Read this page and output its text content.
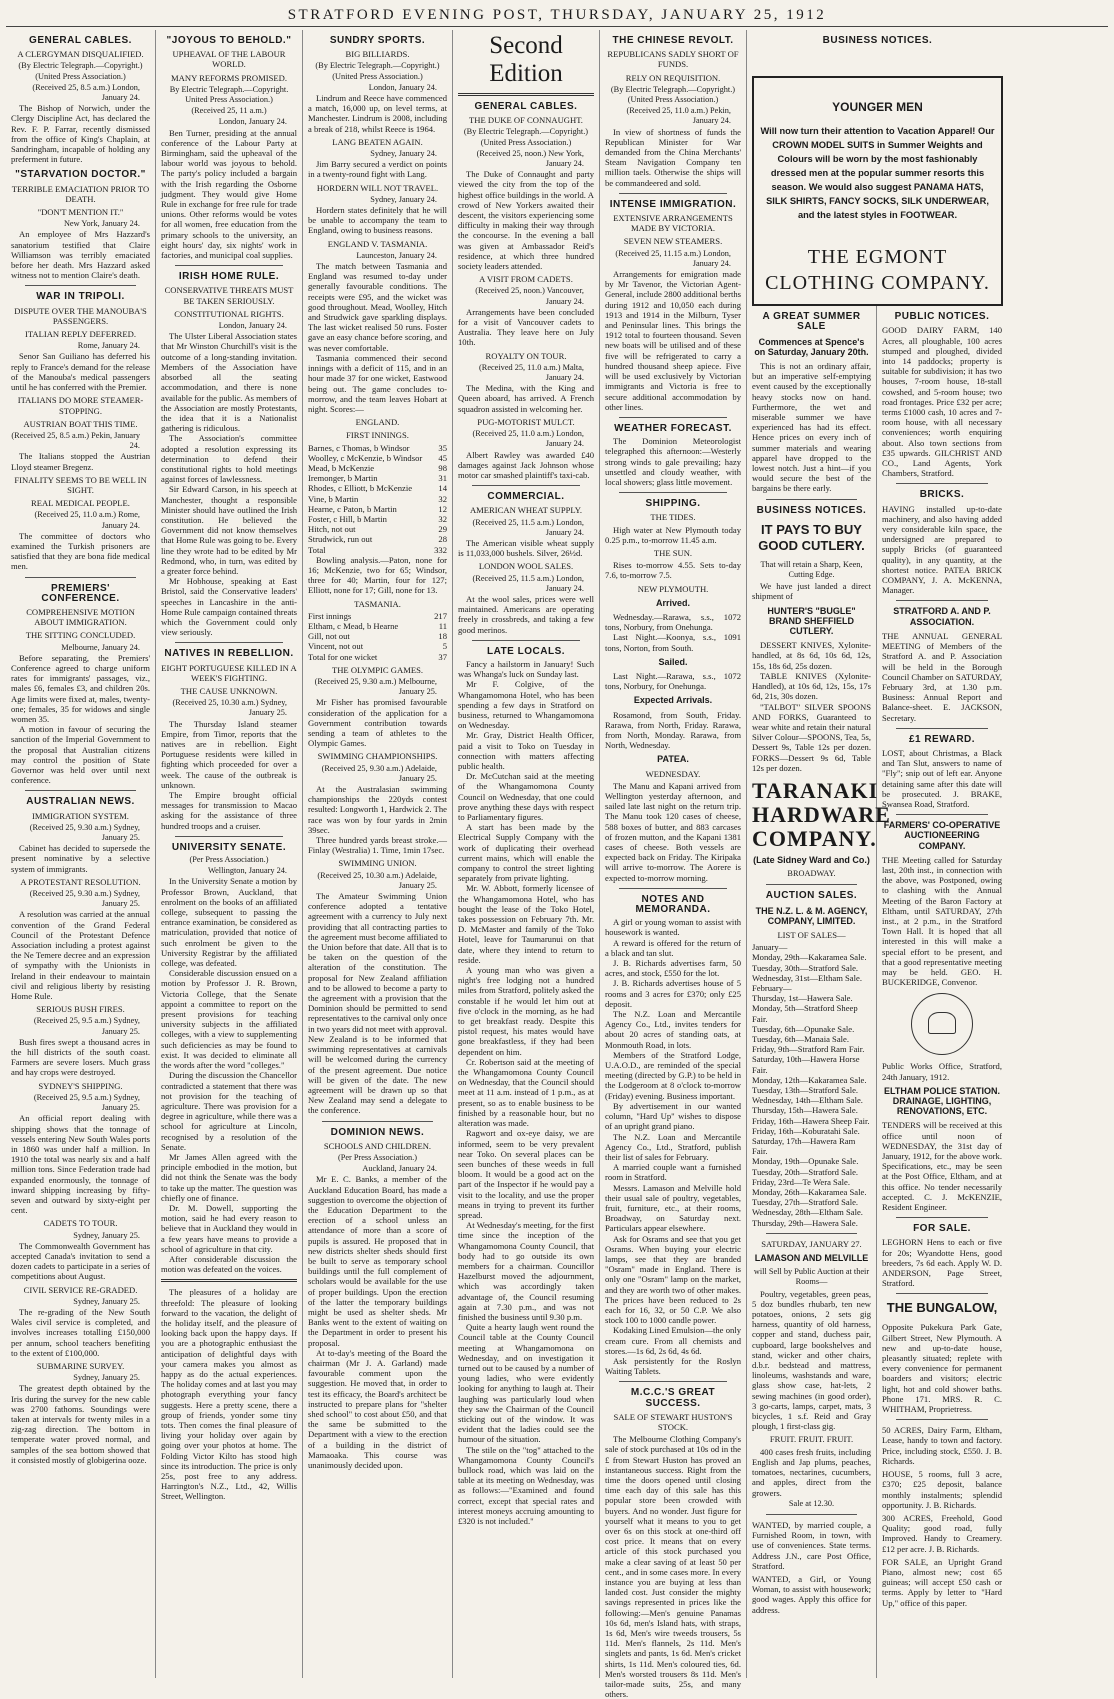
STRATFORD EVENING POST, THURSDAY, JANUARY 25, 1912
GENERAL CABLES.
A CLERGYMAN DISQUALIFIED.
(By Electric Telegraph.—Copyright.) (United Press Association.)
(Received 25, 8.5 a.m.) London, January 24.

The Bishop of Norwich, under the Clergy Discipline Act, has declared the Rev. F. P. Farrar, recently dismissed from the office of King's Chaplain, at Sandringham, incapable of holding any preferment in future.

"STARVATION DOCTOR."
TERRIBLE EMACIATION PRIOR TO DEATH.
"DON'T MENTION IT."
New York, January 24.

An employee of Mrs Hazzard's sanatorium testified that Claire Williamson was terribly emaciated before her death. Mrs Hazzard asked witness not to mention Claire's death.

WAR IN TRIPOLI.
DISPUTE OVER THE MANOUBA'S PASSENGERS.
ITALIAN REPLY DEFERRED.
Rome, January 24.

Senor San Guiliano has deferred his reply to France's demand for the release of the Manouba's medical passengers until he has conferred with the Premier.

ITALIANS DO MORE STEAMER-STOPPING.
AUSTRIAN BOAT THIS TIME.
(Received 25, 8.5 a.m.) Pekin, January 24.

The Italians stopped the Austrian Lloyd steamer Bregenz.

FINALITY SEEMS TO BE WELL IN SIGHT.
REAL MEDICAL PEOPLE.
(Received 25, 11.0 a.m.) Rome, January 24.

The committee of doctors who examined the Turkish prisoners are satisfied that they are bona fide medical men.

PREMIERS' CONFERENCE.
COMPREHENSIVE MOTION ABOUT IMMIGRATION.
THE SITTING CONCLUDED.
Melbourne, January 24.

Before separating, the Premiers' Conference agreed to charge uniform rates for immigrants' passages, viz., males £6, females £3, and children 20s. Age limits were fixed at, males, twenty-one; females, 35 for widows and single women 35.

A motion in favour of securing the sanction of the Imperial Government to the proposal that Australian citizens may control the position of State Governor was held over until next conference.

AUSTRALIAN NEWS.
IMMIGRATION SYSTEM.
(Received 25, 9.30 a.m.) Sydney, January 25.

Cabinet has decided to supersede the present nominative by a selective system of immigrants.

A PROTESTANT RESOLUTION.
(Received 25, 9.30 a.m.) Sydney, January 25.

A resolution was carried at the annual convention of the Grand Federal Council of the Protestant Defence Association including a protest against the Ne Temere decree and an expression of sympathy with the Unionists in Ireland in their endeavour to maintain civil and religious liberty by resisting Home Rule.

SERIOUS BUSH FIRES.
(Received 25, 9.5 a.m.) Sydney, January 25.

Bush fires swept a thousand acres in the hill districts of the south coast. Farmers are severe losers. Much grass and hay crops were destroyed.

SYDNEY'S SHIPPING.
(Received 25, 9.5 a.m.) Sydney, January 25.

An official report dealing with shipping shows that the tonnage of vessels entering New South Wales ports in 1860 was under half a million. In 1910 the total was nearly six and a half million tons. Since Federation trade had expanded enormously, the tonnage of inward shipping increasing by fifty-seven and outward by sixty-eight per cent.

CADETS TO TOUR.
Sydney, January 25.

The Commonwealth Government has accepted Canada's invitation to send a dozen cadets to participate in a series of competitions about August.

CIVIL SERVICE RE-GRADED.
Sydney, January 25.

The re-grading of the New South Wales civil service is completed, and involves increases totalling £150,000 per annum, school teachers benefiting to the extent of £100,000.

SUBMARINE SURVEY.
Sydney, January 25.

The greatest depth obtained by the Iris during the survey for the new cable was 2700 fathoms. Soundings were taken at intervals for twenty miles in a zig-zag direction. The bottom in temperate water proved normal, and samples of the sea bottom showed that it consisted mostly of globigerina ooze.

"JOYOUS TO BEHOLD."
UPHEAVAL OF THE LABOUR WORLD.
MANY REFORMS PROMISED.
By Electric Telegraph.—Copyright. United Press Association.)
(Received 25, 11 a.m.)
London, January 24.

Ben Turner, presiding at the annual conference of the Labour Party at Birmingham, said the upheaval of the labour world was joyous to behold. The party's policy included a bargain with the Irish regarding the Osborne judgment. They would give Home Rule in exchange for free rule for trade unions. Other reforms would be votes for all women, free education from the primary schools to the university, an eight hours' day, six nights' work in factories, and municipal coal supplies.

IRISH HOME RULE.
CONSERVATIVE THREATS MUST BE TAKEN SERIOUSLY.
CONSTITUTIONAL RIGHTS.
London, January 24.

The Ulster Liberal Association states that Mr Winston Churchill's visit is the outcome of a long-standing invitation. Members of the Association have absorbed all the seating accommodation, and there is none available for the public. As members of the Association are mostly Protestants, the idea that it is a Nationalist gathering is ridiculous.

The Association's committee adopted a resolution expressing its determination to defend their constitutional rights to hold meetings against forces of lawlessness.

Sir Edward Carson, in his speech at Manchester, thought a responsible Minister should have outlined the Irish constitution. He believed the Government did not know themselves that Home Rule was going to be. Every line they wrote had to be edited by Mr Redmond, who, in turn, was edited by a greater force behind.

Mr Hobhouse, speaking at East Bristol, said the Conservative leaders' speeches in Lancashire in the anti-Home Rule campaign contained threats which the Government could only view seriously.

NATIVES IN REBELLION.
EIGHT PORTUGUESE KILLED IN A WEEK'S FIGHTING.
THE CAUSE UNKNOWN.
(Received 25, 10.30 a.m.) Sydney, January 25.

The Thursday Island steamer Empire, from Timor, reports that the natives are in rebellion. Eight Portuguese residents were killed in fighting which proceeded for over a week. The cause of the outbreak is unknown.

The Empire brought official messages for transmission to Macao asking for the assistance of three hundred troops and a cruiser.

UNIVERSITY SENATE.
(Per Press Association.)
Wellington, January 24.

In the University Senate a motion by Professor Brown, Auckland, that enrolment on the books of an affiliated college, subsequent to passing the entrance examination, be considered as matriculation, provided that notice of such enrolment be given to the University Registrar by the affiliated college, was defeated.

Considerable discussion ensued on a motion by Professor J. R. Brown, Victoria College, that the Senate appoint a committee to report on the present provisions for teaching university subjects in the affiliated colleges, with a view to supplementing such deficiencies as may be found to exist. It was decided to eliminate all the words after the word "colleges."

During the discussion the Chancellor contradicted a statement that there was not provision for the teaching of agriculture. There was provision for a degree in agriculture, while there was a school for agriculture at Lincoln, recognised by a resolution of the Senate.

Mr James Allen agreed with the principle embodied in the motion, but did not think the Senate was the body to take up the matter. The question was chiefly one of finance.

Dr. M. Dowell, supporting the motion, said he had every reason to believe that in Auckland they would in a few years have means to provide a school of agriculture in that city.

After considerable discussion the motion was defeated on the voices.

The pleasures of a holiday are threefold: The pleasure of looking forward to the vacation, the delight of the holiday itself, and the pleasure of looking back upon the happy days. If you are a photographic enthusiast the anticipation of delightful days with your camera makes you almost as happy as do the actual experiences. The holiday comes and at last you may photograph everything your fancy suggests. Here a pretty scene, there a group of friends, yonder some tiny tots. Then comes the final pleasure of living your holiday over again by going over your photos at home. The Folding Victor Kilto has stood high since its introduction. The price is only 25s, post free to any address. Harrington's N.Z., Ltd., 42, Willis Street, Wellington.

SUNDRY SPORTS.
BIG BILLIARDS.
(By Electric Telegraph.—Copyright.) (United Press Association.)
London, January 24.

Lindrum and Reece have commenced a match, 16,000 up, on level terms, at Manchester. Lindrum is 2008, including a break of 218, whilst Reece is 1964.

LANG BEATEN AGAIN.
Sydney, January 24.

Jim Barry secured a verdict on points in a twenty-round fight with Lang.

HORDERN WILL NOT TRAVEL.
Sydney, January 24.

Hordern states definitely that he will be unable to accompany the team to England, owing to business reasons.

ENGLAND V. TASMANIA.
Launceston, January 24.

The match between Tasmania and England was resumed to-day under generally favourable conditions. The receipts were £95, and the wicket was good throughout. Mead, Woolley, Hitch and Strudwick gave sparkling displays. The last wicket realised 50 runs. Foster gave an easy chance before scoring, and was never comfortable.

Tasmania commenced their second innings with a deficit of 115, and in an hour made 37 for one wicket, Eastwood being out. The game concludes to-morrow, and the team leaves Hobart at night. Scores:—

ENGLAND.
FIRST INNINGS.

Barnes, c Thomas, b Windsor	35

Woolley, c McKenzie, b Windsor 45

Mead, b McKenzie	98

Iremonger, b Martin	31

Rhodes, c Elliott, b McKenzie	14

Vine, b Martin	32

Hearne, c Paton, b Martin	12

Foster, c Hill, b Martin	32

Hitch, not out	29

Strudwick, run out	28

Total	332

Bowling analysis.—Paton, none for 16; McKenzie, two for 65; Windsor, three for 40; Martin, four for 127; Elliott, none for 17; Gill, none for 13.

TASMANIA.

First innings	217

Eltham, c Mead, b Hearne	11

Gill, not out	18

Vincent, not out	5

Total for one wicket	37

THE OLYMPIC GAMES.
(Received 25, 9.30 a.m.) Melbourne, January 25.

Mr Fisher has promised favourable consideration of the application for a Government contribution towards sending a team of athletes to the Olympic Games.

SWIMMING CHAMPIONSHIPS.
(Received 25, 9.30 a.m.) Adelaide, January 25.

At the Australasian swimming championships the 220yds contest resulted: Longworth 1, Hardwick 2. The race was won by four yards in 2min 39sec.

Three hundred yards breast stroke.—Finlay (Westralia) 1. Time, 1min 17sec.

SWIMMING UNION.
(Received 25, 10.30 a.m.) Adelaide, January 25.

The Amateur Swimming Union conference adopted a tentative agreement with a currency to July next providing that all contracting parties to the agreement must become affiliated to the Union before that date. All that is to be taken on the question of the alteration of the constitution. The proposal for New Zealand affiliation and to be allowed to become a party to the agreement with a provision that the Dominion should be permitted to send representatives to the carnival only once in two years did not meet with approval. New Zealand is to be informed that swimming representatives at carnivals will be welcomed during the currency of the present agreement. Due notice will be given of the date. The new agreement will be drawn up so that New Zealand may send a delegate to the conference.

DOMINION NEWS.
SCHOOLS AND CHILDREN.
(Per Press Association.)
Auckland, January 24.

Mr E. C. Banks, a member of the Auckland Education Board, has made a suggestion to overcome the objection of the Education Department to the erection of a school unless an attendance of more than a score of pupils is assured. He proposed that in new districts shelter sheds should first be built to serve as temporary school buildings until the full complement of scholars would be available for the use of proper buildings. Upon the erection of the latter the temporary buildings might be used as shelter sheds. Mr Banks went to the extent of waiting on the Department in order to present his proposal.

At to-day's meeting of the Board the chairman (Mr J. A. Garland) made favourable comment upon the suggestion. He moved that, in order to test its efficacy, the Board's architect be instructed to prepare plans for "shelter shed school" to cost about £50, and that the same be submitted to the Department with a view to the erection of a building in the district of Mamaoaka. This course was unanimously decided upon.

Second Edition
GENERAL CABLES.
THE DUKE OF CONNAUGHT.
(By Electric Telegraph.—Copyright.) (United Press Association.)
(Received 25, noon.) New York, January 24.

The Duke of Connaught and party viewed the city from the top of the highest office buildings in the world. A crowd of New Yorkers awaited their descent, the visitors experiencing some difficulty in making their way through the concourse. In the evening a ball was given at Ambassador Reid's residence, at which three hundred society leaders attended.

A VISIT FROM CADETS.
(Received 25, noon.) Vancouver, January 24.

Arrangements have been concluded for a visit of Vancouver cadets to Australia. They leave here on July 10th.

ROYALTY ON TOUR.
(Received 25, 11.0 a.m.) Malta, January 24.

The Medina, with the King and Queen aboard, has arrived. A French squadron assisted in welcoming her.

PUG-MOTORIST MULCT.
(Received 25, 11.0 a.m.) London, January 24.

Albert Rawley was awarded £40 damages against Jack Johnson whose motor car smashed plaintiff's taxi-cab.

COMMERCIAL.
AMERICAN WHEAT SUPPLY.
(Received 25, 11.5 a.m.) London, January 24.

The American visible wheat supply is 11,033,000 bushels. Silver, 26½d.

LONDON WOOL SALES.
(Received 25, 11.5 a.m.) London, January 24.

At the wool sales, prices were well maintained. Americans are operating freely in crossbreds, and taking a few good merinos.

LATE LOCALS.

Fancy a hailstorm in January! Such was Whanga's luck on Sunday last.

Mr F. Colgive, of the Whangamomona Hotel, who has been spending a few days in Stratford on business, returned to Whangamomona on Wednesday.

Mr. Gray, District Health Officer, paid a visit to Toko on Tuesday in connection with matters affecting public health.

Dr. McCutchan said at the meeting of the Whangamomona County Council on Wednesday, that one could prove anything these days with respect to Parliamentary figures.

A start has been made by the Electrical Supply Company with the work of duplicating their overhead current mains, which will enable the company to control the street lighting separately from private lighting.

Mr. W. Abbott, formerly licensee of the Whangamomona Hotel, who has bought the lease of the Toko Hotel, takes possession on February 7th. Mr. D. McMaster and family of the Toko Hotel, leave for Taumarunui on that date, where they intend to return to reside.

A young man who was given a night's free lodging not a hundred miles from Stratford, politely asked the constable if he would let him out at five o'clock in the morning, as he had to get breakfast ready. Despite this pistol request, his mates would have gone breakfastless, if they had been dependent on him.

Cr. Robertson said at the meeting of the Whangamomona County Council on Wednesday, that the Council should meet at 11 a.m. instead of 1 p.m., as at present, so as to enable business to be finished by a reasonable hour, but no alteration was made.

Ragwort and ox-eye daisy, we are informed, seem to be very prevalent near Toko. On several places can be seen bunches of these weeds in full bloom. It would be a good act on the part of the Inspector if he would pay a visit to the locality, and use the proper means in trying to prevent its further spread.

At Wednesday's meeting, for the first time since the inception of the Whangamomona County Council, that body had to go outside its own members for a chairman. Councillor Hazelburst moved the adjournment, which was accordingly taken advantage of, the Council resuming again at 7.30 p.m., and was not finished the business until 9.30 p.m.

Quite a hearty laugh went round the Council table at the County Council meeting at Whangamomona on Wednesday, and on investigation it turned out to be caused by a number of young ladies, who were evidently looking for anything to laugh at. Their laughing was particularly loud when they saw the Chairman of the Council sticking out of the window. It was evident that the ladies could see the humour of the situation.

The stile on the "tog" attached to the Whangamomona County Council's bullock road, which was laid on the table at its meeting on Wednesday, was as follows:—"Examined and found correct, except that special rates and interest moneys accruing amounting to £320 is not included."

THE CHINESE REVOLT.
REPUBLICANS SADLY SHORT OF FUNDS.
RELY ON REQUISITION.
(By Electric Telegraph.—Copyright.) (United Press Association.)
(Received 25, 11.0 a.m.) Pekin, January 24.

In view of shortness of funds the Republican Minister for War demanded from the China Merchants' Steam Navigation Company ten million taels. Otherwise the ships will be commandeered and sold.

INTENSE IMMIGRATION.
EXTENSIVE ARRANGEMENTS MADE BY VICTORIA.
SEVEN NEW STEAMERS.
(Received 25, 11.15 a.m.) London, January 24.

Arrangements for emigration made by Mr Tavenor, the Victorian Agent-General, include 2800 additional berths during 1912 and 10,050 each during 1913 and 1914 in the Milburn, Tyser and Peninsular lines. This brings the 1912 total to fourteen thousand. Seven new boats will be utilised and of these five will be refrigerated to carry a hundred thousand sheep apiece. Five will be used exclusively by Victorian immigrants and Victoria is free to secure additional accommodation by other lines.

WEATHER FORECAST.

The Dominion Meteorologist telegraphed this afternoon:—Westerly strong winds to gale prevailing; hazy unsettled and cloudy weather, with local showers; glass little movement.

SHIPPING.
THE TIDES.

High water at New Plymouth today 0.25 p.m., to-morrow 11.45 a.m.

THE SUN.

Rises to-morrow 4.55. Sets to-day 7.6, to-morrow 7.5.

NEW PLYMOUTH.
Arrived.

Wednesday.—Rarawa, s.s., 1072 tons, Norbury, from Onehunga.

Last Night.—Koonya, s.s., 1091 tons, Norton, from South.

Sailed.

Last Night.—Rarawa, s.s., 1072 tons, Norbury, for Onehunga.

Expected Arrivals.

Rosamond, from South, Friday. Rarawa, from North, Friday. Rarawa, from North, Monday. Rarawa, from North, Wednesday.

PATEA.
WEDNESDAY.

The Manu and Kapani arrived from Wellington yesterday afternoon, and sailed late last night on the return trip. The Manu took 120 cases of cheese, 588 boxes of butter, and 883 carcases of frozen mutton, and the Kapani 1381 cases of cheese. Both vessels are expected back on Friday. The Kiripaka will arrive to-morrow. The Aorere is expected to-morrow morning.

NOTES AND MEMORANDA.

A girl or young woman to assist with housework is wanted.

A reward is offered for the return of a black and tan slut.

J. B. Richards advertises farm, 50 acres, and stock, £550 for the lot.

J. B. Richards advertises house of 5 rooms and 3 acres for £370; only £25 deposit.

The N.Z. Loan and Mercantile Agency Co., Ltd., invites tenders for about 20 acres of standing oats, at Monmouth Road, in lots.

Members of the Stratford Lodge, U.A.O.D., are reminded of the special meeting (directed by G.P.) to be held in the Lodgeroom at 8 o'clock to-morrow (Friday) evening. Business important.

By advertisement in our wanted column, "Hard Up" wishes to dispose of an upright grand piano.

The N.Z. Loan and Mercantile Agency Co., Ltd., Stratford, publish their list of sales for February.

A married couple want a furnished room in Stratford.

Messrs. Lamason and Melville hold their usual sale of poultry, vegetables, fruit, furniture, etc., at their rooms, Broadway, on Saturday next. Particulars appear elsewhere.

Ask for Osrams and see that you get Osrams. When buying your electric lamps, see that they are branded "Osram" made in England. There is only one "Osram" lamp on the market, and they are worth two of other makes. The prices have been reduced to 2s each for 16, 32, or 50 C.P. We also stock 100 to 1000 candle power.

Kodaking Lined Emulsion—the only cream cure. From all chemists and stores.—1s 6d, 2s 6d, 4s 6d.

Ask persistently for the Roslyn Waiting Tablets.

M.C.C.'S GREAT SUCCESS.
SALE OF STEWART HUSTON'S STOCK.

The Melbourne Clothing Company's sale of stock purchased at 10s od in the £ from Stewart Huston has proved an instantaneous success. Right from the time the doors opened until closing time each day of this sale has this popular store been crowded with buyers. And no wonder. Just figure for yourself what it means to you to get over 6s on this stock at one-third off cost price. It means that on every article of this stock purchased you make a clear saving of at least 50 per cent., and in some cases more. In every instance you are buying at less than landed cost. Just consider the mighty savings represented in prices like the following:—Men's genuine Panamas 10s 6d, men's Island hats, with straps, 1s 6d, Men's wire tweeds trousers, 5s 11d. Men's flannels, 2s 11d. Men's singlets and pants, 1s 6d. Men's cricket shirts, 1s 11d. Men's coloured ties, 6d. Men's worsted trousers 8s 11d. Men's tailor-made suits, 25s, and many others.

BUSINESS NOTICES.
YOUNGER MEN
Will now turn their attention to Vacation Apparel! Our CROWN MODEL SUITS in Summer Weights and Colours will be worn by the most fashionably dressed men at the popular summer resorts this season. We would also suggest PANAMA HATS, SILK SHIRTS, FANCY SOCKS, SILK UNDERWEAR, and the latest styles in FOOTWEAR.
THE EGMONT CLOTHING COMPANY.
A GREAT SUMMER SALE
Commences at Spence's on Saturday, January 20th.

This is not an ordinary affair, but an imperative self-emptying event caused by the exceptionally heavy stocks now on hand. Furthermore, the wet and miserable summer we have experienced has had its effect. Hence prices on every inch of summer materials and wearing apparel have dropped to the lowest notch. Just a hint—if you would secure the best of the bargains be there early.

BUSINESS NOTICES.
IT PAYS TO BUY GOOD CUTLERY.
That will retain a Sharp, Keen, Cutting Edge.

We have just landed a direct shipment of

HUNTER'S "BUGLE" BRAND SHEFFIELD CUTLERY.

DESSERT KNIVES, Xylonite-handled, at 8s 6d, 10s 6d, 12s, 15s, 18s 6d, 25s dozen.

TABLE KNIVES (Xylonite-Handled), at 10s 6d, 12s, 15s, 17s 6d, 21s, 30s dozen.

"TALBOT" SILVER SPOONS AND FORKS, Guaranteed to wear white and retain their natural Silver Colour—SPOONS, Tea, 5s, Dessert 9s, Table 12s per dozen. FORKS—Dessert 9s 6d, Table 12s per dozen.

TARANAKI HARDWARE COMPANY.
(Late Sidney Ward and Co.)
BROADWAY.
AUCTION SALES.
THE N.Z. L. & M. AGENCY, COMPANY, LIMITED.
LIST OF SALES—

January—

Monday, 29th—Kakaramea Sale.

Tuesday, 30th—Stratford Sale.

Wednesday, 31st—Eltham Sale.

February—

Thursday, 1st—Hawera Sale.

Monday, 5th—Stratford Sheep Fair.

Tuesday, 6th—Opunake Sale.

Tuesday, 6th—Manaia Sale.

Friday, 9th—Stratford Ram Fair.

Saturday, 10th—Hawera Horse Fair.

Monday, 12th—Kakaramea Sale.

Tuesday, 13th—Stratford Sale.

Wednesday, 14th—Eltham Sale.

Thursday, 15th—Hawera Sale.

Friday, 16th—Hawera Sheep Fair.

Friday, 16th—Koburatahi Sale.

Saturday, 17th—Hawera Ram Fair.

Monday, 19th—Opunake Sale.

Tuesday, 20th—Stratford Sale.

Friday, 23rd—Te Wera Sale.

Monday, 26th—Kakaramea Sale.

Tuesday, 27th—Stratford Sale.

Wednesday, 28th—Eltham Sale.

Thursday, 29th—Hawera Sale.

SATURDAY, JANUARY 27.
LAMASON AND MELVILLE
will Sell by Public Auction at their Rooms—

Poultry, vegetables, green peas, 5 doz bundles rhubarb, ten new potatoes, onions, 2 sets gig harness, quantity of old harness, copper and stand, duchess pair, cupboard, large bookshelves and stand, wicker and other chairs, d.b.r. bedstead and mattress, linoleums, washstands and ware, glass show case, hat-lets, 2 sewing machines (in good order), 3 go-carts, lamps, carpet, mats, 3 bicycles, 1 s.f. Reid and Gray plough, 1 first-class gig.

FRUIT. FRUIT. FRUIT.

400 cases fresh fruits, including English and Jap plums, peaches, tomatoes, nectarines, cucumbers, and apples, direct from the growers.

Sale at 12.30.

WANTED, by married couple, a Furnished Room, in town, with use of conveniences. State terms. Address J.N., care Post Office, Stratford.

WANTED, a Girl, or Young Woman, to assist with housework; good wages. Apply this office for address.

PUBLIC NOTICES.

GOOD DAIRY FARM, 140 Acres, all ploughable, 100 acres stumped and ploughed, divided into 14 paddocks; property is suitable for subdivision; it has two houses, 7-room house, 18-stall cowshed, and 5-room house; two road frontages. Price £32 per acre; terms £1000 cash, 10 acres and 7-room house, with all necessary conveniences; worth enquiring about. Also town sections from £35 upwards. GILCHRIST AND CO., Land Agents, York Chambers, Stratford.

BRICKS.

HAVING installed up-to-date machinery, and also having added very considerable kiln space, the undersigned are prepared to supply Bricks (of guaranteed quality), in any quantity, at the shortest notice. PATEA BRICK COMPANY, J. A. McKENNA, Manager.

STRATFORD A. AND P. ASSOCIATION.

THE ANNUAL GENERAL MEETING of Members of the Stratford A. and P. Association will be held in the Borough Council Chamber on SATURDAY, February 3rd, at 1.30 p.m. Business: Annual Report and Balance-sheet. E. JACKSON, Secretary.

£1 REWARD.

LOST, about Christmas, a Black and Tan Slut, answers to name of "Fly"; snip out of left ear. Anyone detaining same after this date will be prosecuted. J. BRAKE, Swansea Road, Stratford.

FARMERS' CO-OPERATIVE AUCTIONEERING COMPANY.

THE Meeting called for Saturday last, 20th inst., in connection with the above, was Postponed, owing to clashing with the Annual Meeting of the Baron Factory at Eltham, until SATURDAY, 27th inst., at 2 p.m., in the Stratford Town Hall. It is hoped that all interested in this will make a special effort to be present, and that a good representative meeting may be held. GEO. H. BUCKERIDGE, Convenor.

Public Works Office, Stratford, 24th January, 1912.

ELTHAM POLICE STATION. DRAINAGE, LIGHTING, RENOVATIONS, ETC.

TENDERS will be received at this office until noon of WEDNESDAY, the 31st day of January, 1912, for the above work. Specifications, etc., may be seen at the Post Office, Eltham, and at this office. No tender necessarily accepted. C. J. McKENZIE, Resident Engineer.

FOR SALE.

LEGHORN Hens to each or five for 20s; Wyandotte Hens, good breeders, 7s 6d each. Apply W. D. ANDERSON, Page Street, Stratford.

THE BUNGALOW,

Opposite Pukekura Park Gate, Gilbert Street, New Plymouth. A new and up-to-date house, pleasantly situated; replete with every convenience for permanent boarders and visitors; electric light, hot and cold shower baths. Phone 171. MRS. R. C. WHITHAM, Proprietress.

50 ACRES, Dairy Farm, Eltham, Lease, handy to town and factory. Price, including stock, £550. J. B. Richards.

HOUSE, 5 rooms, full 3 acre, £370; £25 deposit, balance monthly instalments; splendid opportunity. J. B. Richards.

300 ACRES, Freehold, Good Quality; good road, fully Improved. Handy to Creamery. £12 per acre. J. B. Richards.

FOR SALE, an Upright Grand Piano, almost new; cost 65 guineas; will accept £50 cash or terms. Apply by letter to "Hard Up," office of this paper.
